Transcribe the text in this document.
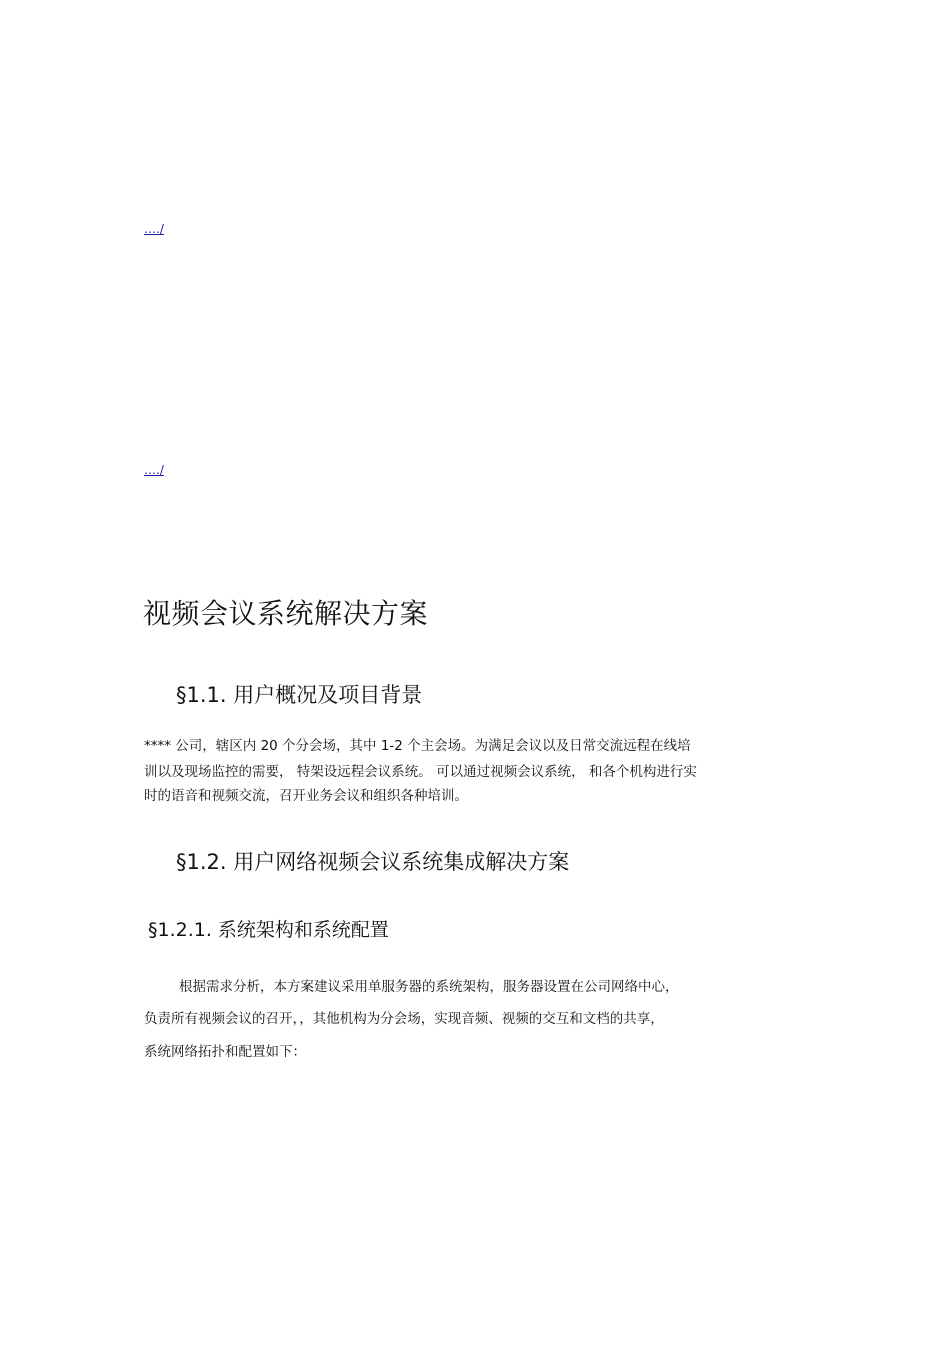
.…/
.…/
视频会议系统解决方案
§1.1. 用户概况及项目背景
**** 公司，辖区内 20 个分会场，其中 1-2 个主会场。为满足会议以及日常交流远程在线培
训以及现场监控的需要， 特架设远程会议系统。 可以通过视频会议系统， 和各个机构进行实
时的语音和视频交流，召开业务会议和组织各种培训。
§1.2. 用户网络视频会议系统集成解决方案
§1.2.1. 系统架构和系统配置
根据需求分析，本方案建议采用单服务器的系统架构，服务器设置在公司网络中心，
负责所有视频会议的召开，，其他机构为分会场，实现音频、视频的交互和文档的共享，
系统网络拓扑和配置如下：
